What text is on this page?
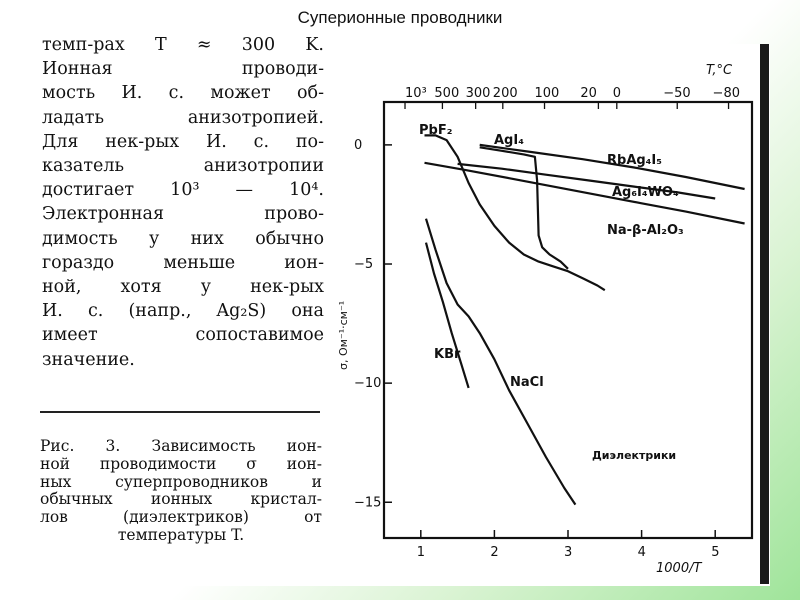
Суперионные проводники

темп-рах T ≈ 300 K.
Ионная проводи-
мость И. с. может об-
ладать анизотропией.
Для нек-рых И. с. по-
казатель анизотропии
достигает 10³ — 10⁴.
Электронная прово-
димость у них обычно
гораздо меньше ион-
ной, хотя у нек-рых
И. с. (напр., Ag₂S) она
имеет сопоставимое
значение.

Рис. 3. Зависимость ион-
ной проводимости σ ион-
ных суперпроводников и
обычных ионных кристал-
лов (диэлектриков) от
температуры T.
1	2	3	4	5
0
−5
−10
−15
10³ 500 300 200 100 20 0	−50 −80
T,°C
1000/T
σ, Ом⁻¹·см⁻¹
PbF₂
AgI₄
RbAg₄I₅
Ag₆I₄WO₄
Na-β-Al₂O₃
KBr
NaCl
Диэлектрики
